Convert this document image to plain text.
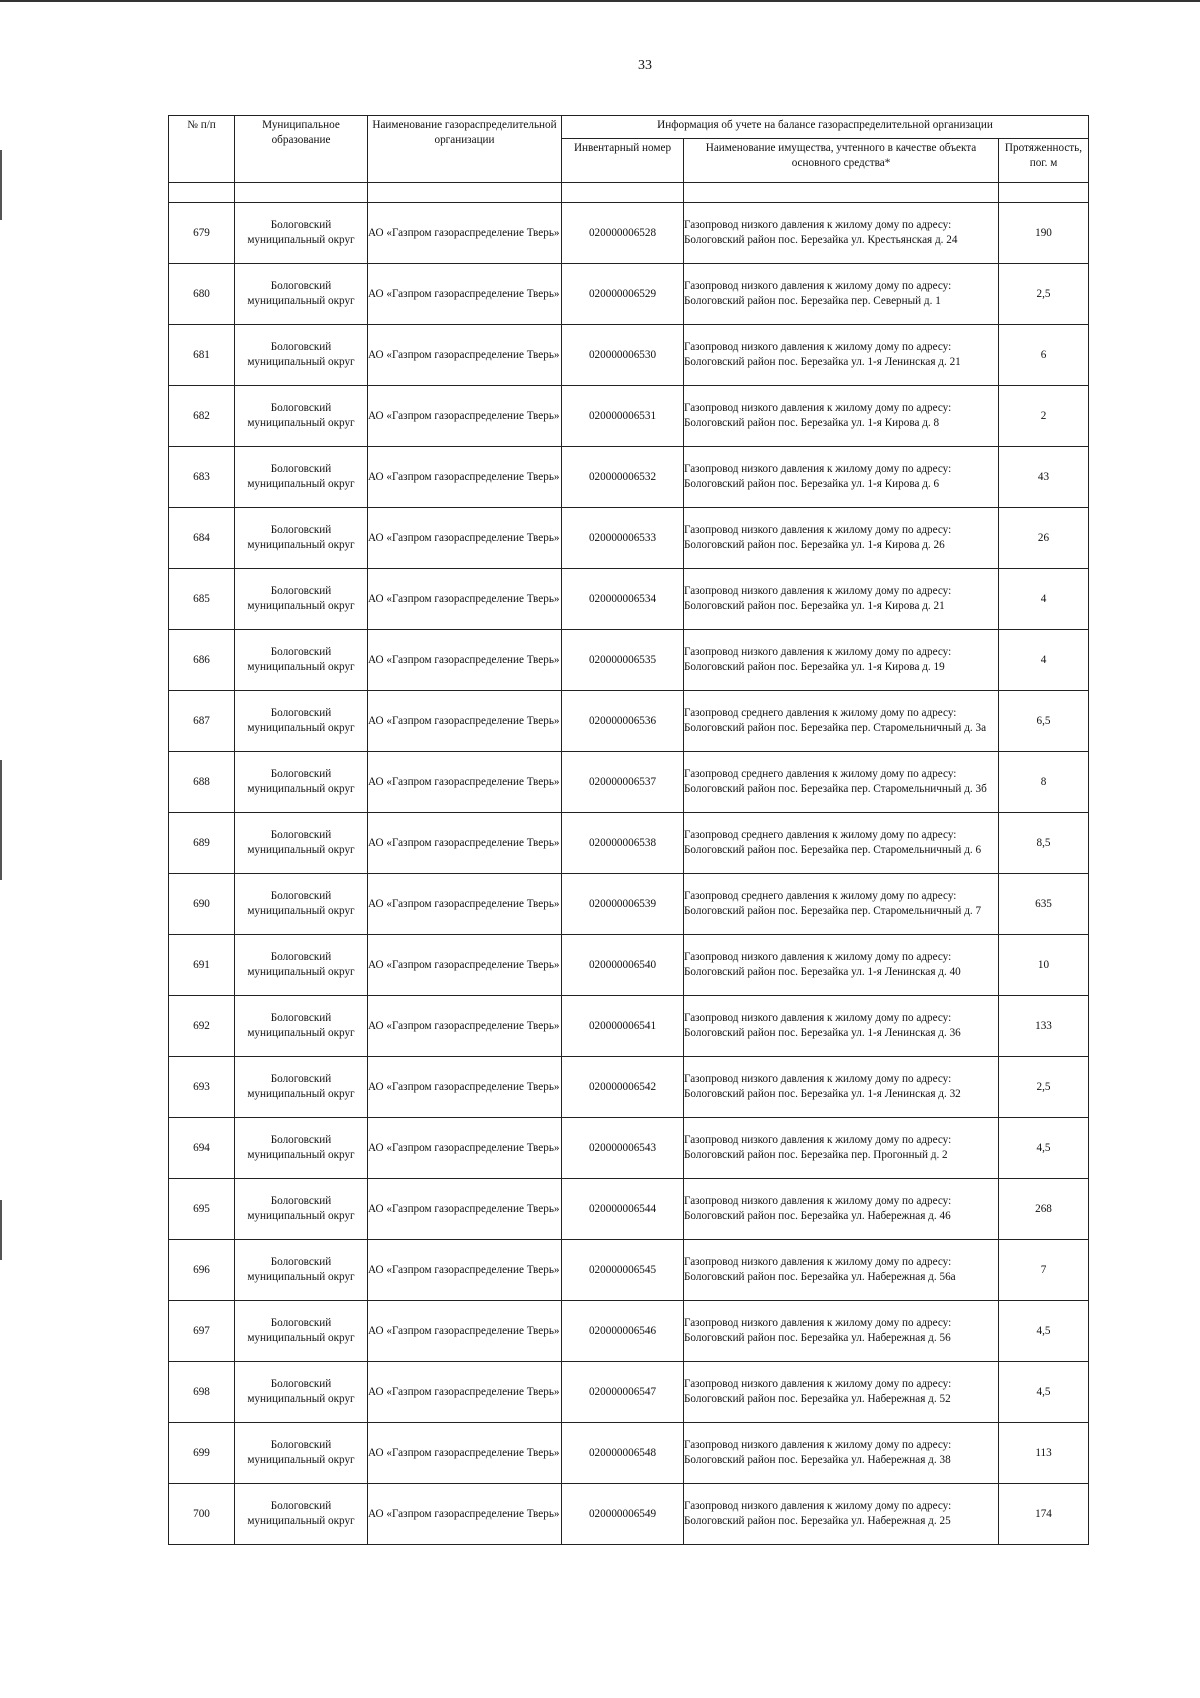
33
№ п/п	Муниципальное образование	Наименование газораспределительной организации	Информация об учете на балансе газораспределительной организации		
			Инвентарный номер	Наименование имущества, учтенного в качестве объекта основного средства*	Протяженность, пог. м

679	Бологовский муниципальный округ	АО «Газпром газораспределение Тверь»	020000006528	Газопровод низкого давления к жилому дому по адресу: Бологовский район пос. Березайка ул. Крестьянская д. 24	190
680	Бологовский муниципальный округ	АО «Газпром газораспределение Тверь»	020000006529	Газопровод низкого давления к жилому дому по адресу: Бологовский район пос. Березайка пер. Северный д. 1	2,5
681	Бологовский муниципальный округ	АО «Газпром газораспределение Тверь»	020000006530	Газопровод низкого давления к жилому дому по адресу: Бологовский район пос. Березайка ул. 1-я Ленинская д. 21	6
682	Бологовский муниципальный округ	АО «Газпром газораспределение Тверь»	020000006531	Газопровод низкого давления к жилому дому по адресу: Бологовский район пос. Березайка ул. 1-я Кирова д. 8	2
683	Бологовский муниципальный округ	АО «Газпром газораспределение Тверь»	020000006532	Газопровод низкого давления к жилому дому по адресу: Бологовский район пос. Березайка ул. 1-я Кирова д. 6	43
684	Бологовский муниципальный округ	АО «Газпром газораспределение Тверь»	020000006533	Газопровод низкого давления к жилому дому по адресу: Бологовский район пос. Березайка ул. 1-я Кирова д. 26	26
685	Бологовский муниципальный округ	АО «Газпром газораспределение Тверь»	020000006534	Газопровод низкого давления к жилому дому по адресу: Бологовский район пос. Березайка ул. 1-я Кирова д. 21	4
686	Бологовский муниципальный округ	АО «Газпром газораспределение Тверь»	020000006535	Газопровод низкого давления к жилому дому по адресу: Бологовский район пос. Березайка ул. 1-я Кирова д. 19	4
687	Бологовский муниципальный округ	АО «Газпром газораспределение Тверь»	020000006536	Газопровод среднего давления к жилому дому по адресу: Бологовский район пос. Березайка пер. Старомельничный д. 3а	6,5
688	Бологовский муниципальный округ	АО «Газпром газораспределение Тверь»	020000006537	Газопровод среднего давления к жилому дому по адресу: Бологовский район пос. Березайка пер. Старомельничный д. 3б	8
689	Бологовский муниципальный округ	АО «Газпром газораспределение Тверь»	020000006538	Газопровод среднего давления к жилому дому по адресу: Бологовский район пос. Березайка пер. Старомельничный д. 6	8,5
690	Бологовский муниципальный округ	АО «Газпром газораспределение Тверь»	020000006539	Газопровод среднего давления к жилому дому по адресу: Бологовский район пос. Березайка пер. Старомельничный д. 7	635
691	Бологовский муниципальный округ	АО «Газпром газораспределение Тверь»	020000006540	Газопровод низкого давления к жилому дому по адресу: Бологовский район пос. Березайка ул. 1-я Ленинская д. 40	10
692	Бологовский муниципальный округ	АО «Газпром газораспределение Тверь»	020000006541	Газопровод низкого давления к жилому дому по адресу: Бологовский район пос. Березайка ул. 1-я Ленинская д. 36	133
693	Бологовский муниципальный округ	АО «Газпром газораспределение Тверь»	020000006542	Газопровод низкого давления к жилому дому по адресу: Бологовский район пос. Березайка ул. 1-я Ленинская д. 32	2,5
694	Бологовский муниципальный округ	АО «Газпром газораспределение Тверь»	020000006543	Газопровод низкого давления к жилому дому по адресу: Бологовский район пос. Березайка пер. Прогонный д. 2	4,5
695	Бологовский муниципальный округ	АО «Газпром газораспределение Тверь»	020000006544	Газопровод низкого давления к жилому дому по адресу: Бологовский район пос. Березайка ул. Набережная д. 46	268
696	Бологовский муниципальный округ	АО «Газпром газораспределение Тверь»	020000006545	Газопровод низкого давления к жилому дому по адресу: Бологовский район пос. Березайка ул. Набережная д. 56а	7
697	Бологовский муниципальный округ	АО «Газпром газораспределение Тверь»	020000006546	Газопровод низкого давления к жилому дому по адресу: Бологовский район пос. Березайка ул. Набережная д. 56	4,5
698	Бологовский муниципальный округ	АО «Газпром газораспределение Тверь»	020000006547	Газопровод низкого давления к жилому дому по адресу: Бологовский район пос. Березайка ул. Набережная д. 52	4,5
699	Бологовский муниципальный округ	АО «Газпром газораспределение Тверь»	020000006548	Газопровод низкого давления к жилому дому по адресу: Бологовский район пос. Березайка ул. Набережная д. 38	113
700	Бологовский муниципальный округ	АО «Газпром газораспределение Тверь»	020000006549	Газопровод низкого давления к жилому дому по адресу: Бологовский район пос. Березайка ул. Набережная д. 25	174
